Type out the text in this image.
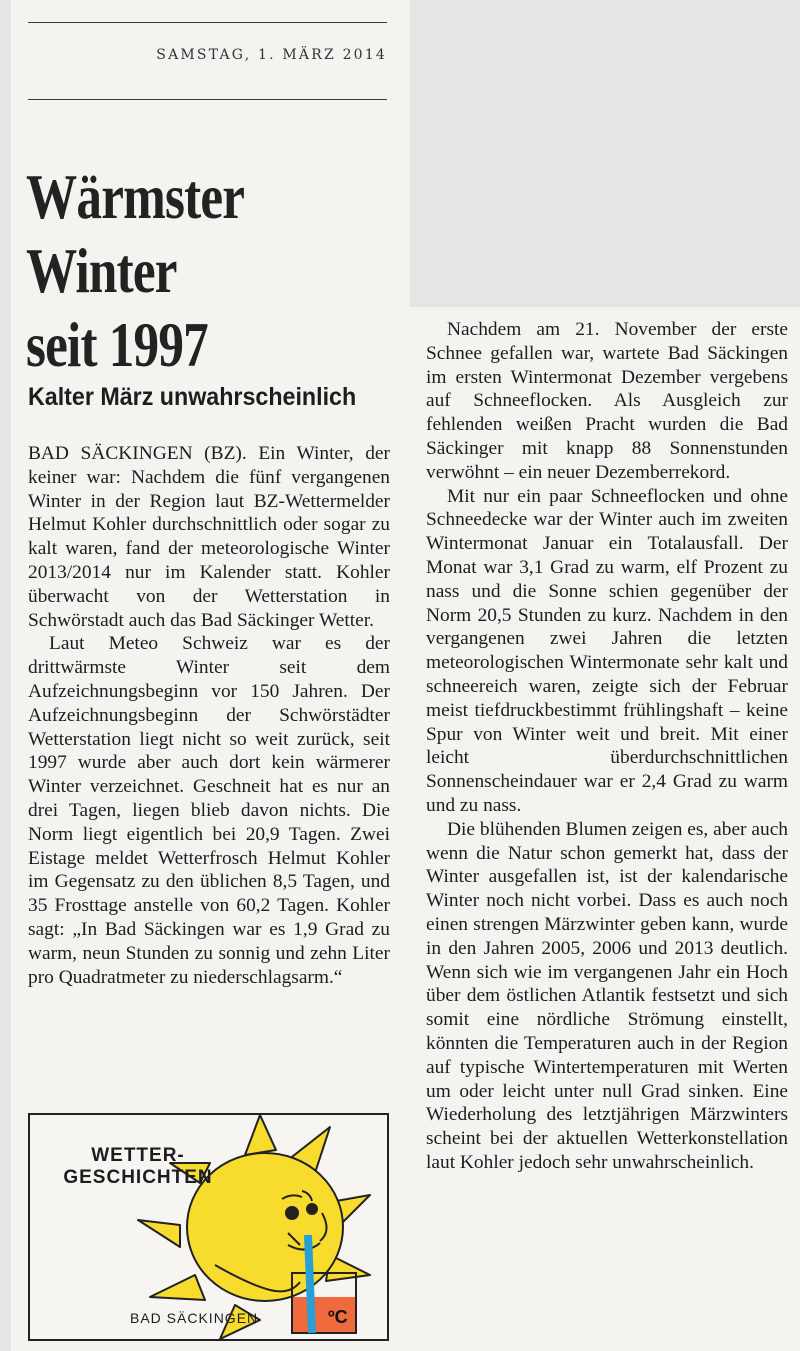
SAMSTAG, 1. MÄRZ 2014
Wärmster
Winter
seit 1997
Kalter März unwahrscheinlich

BAD SÄCKINGEN (BZ). Ein Winter, der keiner war: Nachdem die fünf vergangenen Winter in der Region laut BZ-Wettermelder Helmut Kohler durchschnittlich oder sogar zu kalt waren, fand der meteorologische Winter 2013/2014 nur im Kalender statt. Kohler überwacht von der Wetterstation in Schwörstadt auch das Bad Säckinger Wetter.

Laut Meteo Schweiz war es der drittwärmste Winter seit dem Aufzeichnungsbeginn vor 150 Jahren. Der Aufzeichnungsbeginn der Schwörstädter Wetterstation liegt nicht so weit zurück, seit 1997 wurde aber auch dort kein wärmerer Winter verzeichnet. Geschneit hat es nur an drei Tagen, liegen blieb davon nichts. Die Norm liegt eigentlich bei 20,9 Tagen. Zwei Eistage meldet Wetterfrosch Helmut Kohler im Gegensatz zu den üblichen 8,5 Tagen, und 35 Frosttage anstelle von 60,2 Tagen. Kohler sagt: „In Bad Säckingen war es 1,9 Grad zu warm, neun Stunden zu sonnig und zehn Liter pro Quadratmeter zu niederschlagsarm.“

Nachdem am 21. November der erste Schnee gefallen war, wartete Bad Säckingen im ersten Wintermonat Dezember vergebens auf Schneeflocken. Als Ausgleich zur fehlenden weißen Pracht wurden die Bad Säckinger mit knapp 88 Sonnenstunden verwöhnt – ein neuer Dezemberrekord.

Mit nur ein paar Schneeflocken und ohne Schneedecke war der Winter auch im zweiten Wintermonat Januar ein Totalausfall. Der Monat war 3,1 Grad zu warm, elf Prozent zu nass und die Sonne schien gegenüber der Norm 20,5 Stunden zu kurz. Nachdem in den vergangenen zwei Jahren die letzten meteorologischen Wintermonate sehr kalt und schneereich waren, zeigte sich der Februar meist tiefdruckbestimmt frühlingshaft – keine Spur von Winter weit und breit. Mit einer leicht überdurchschnittlichen Sonnenscheindauer war er 2,4 Grad zu warm und zu nass.

Die blühenden Blumen zeigen es, aber auch wenn die Natur schon gemerkt hat, dass der Winter ausgefallen ist, ist der kalendarische Winter noch nicht vorbei. Dass es auch noch einen strengen Märzwinter geben kann, wurde in den Jahren 2005, 2006 und 2013 deutlich. Wenn sich wie im vergangenen Jahr ein Hoch über dem östlichen Atlantik festsetzt und sich somit eine nördliche Strömung einstellt, könnten die Temperaturen auch in der Region auf typische Wintertemperaturen mit Werten um oder leicht unter null Grad sinken. Eine Wiederholung des letztjährigen Märzwinters scheint bei der aktuellen Wetterkonstellation laut Kohler jedoch sehr unwahrscheinlich.

WETTER-
GESCHICHTEN
ºC
BAD SÄCKINGEN
